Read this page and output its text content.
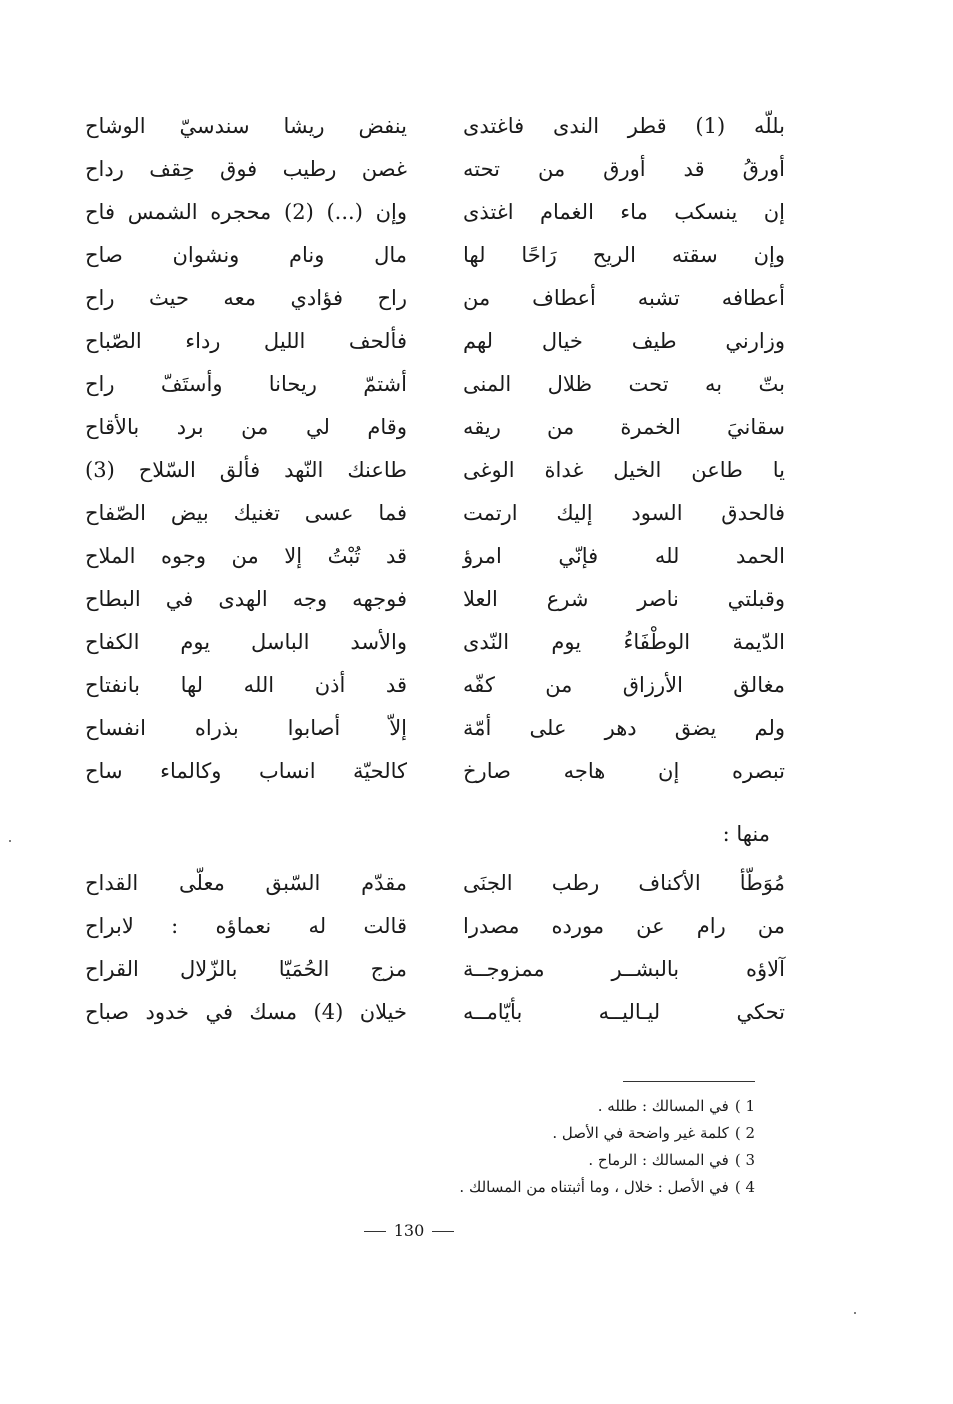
بللّه (1) قطر الندى فاغتدى
ينفض ريشا سندسيّ الوشاح
أورقُ قد أورق من تحته
غصن رطيب فوق حِقف رداح
إن ينسكب ماء الغمام اغتذى
وإن (...) (2) محجره الشمس فاح
وإن سقته الريح رَاحًا لها
مال ونام ونشوان صاح
أعطافه تشبه أعطاف من
راح فؤادي معه حيث راح
وزارني طيف خيال لهم
فألحف الليل رداء الصّباح
بتّ به تحت ظلال المنى
أشتمّ ريحانا وأستَفّ راح
سقانيَ الخمرة من ريقه
وقام لي من برد بالأقاح
يا طاعن الخيل غداة الوغى
طاعنك النّهد فألق السّلاح (3)
فالحدق السود إليك ارتمت
فما عسى تغنيك بيض الصّفاح
الحمد لله فإنّي امرؤ
قد تُبْتُ إلا من وجوه الملاح
وقبلتي ناصر شرع العلا
فوجهه وجه الهدى في البطاح
الدّيمة الوطْفَاءُ يوم النّدى
والأسد الباسل يوم الكفاح
مغالق الأرزاق من كفّه
قد أذن الله لها بانفتاح
ولم يضق دهر على أمّة
إلاّ أصابوا بذراه انفساح
تبصره إن هاجه صارخ
كالحيّة انساب وكالماء ساح
منها :
مُوَطّأ الأكناف رطب الجنَى
مقدّم السّبق معلّى القداح
من رام عن مورده مصدرا
قالت له نعماؤه : لابراح
آلاؤه بالبشــر ممزوجــة
مزج الحُمَيّا بالزّلال القراح
تحكي ليـاليــه بأيّامــه
خيلان (4) مسك في خدود صباح
1 )
في المسالك : طلله .
2 )
كلمة غير واضحة في الأصل .
3 )
في المسالك : الرماح .
4 )
في الأصل : خلال ، وما أثبتناه من المسالك .
130
